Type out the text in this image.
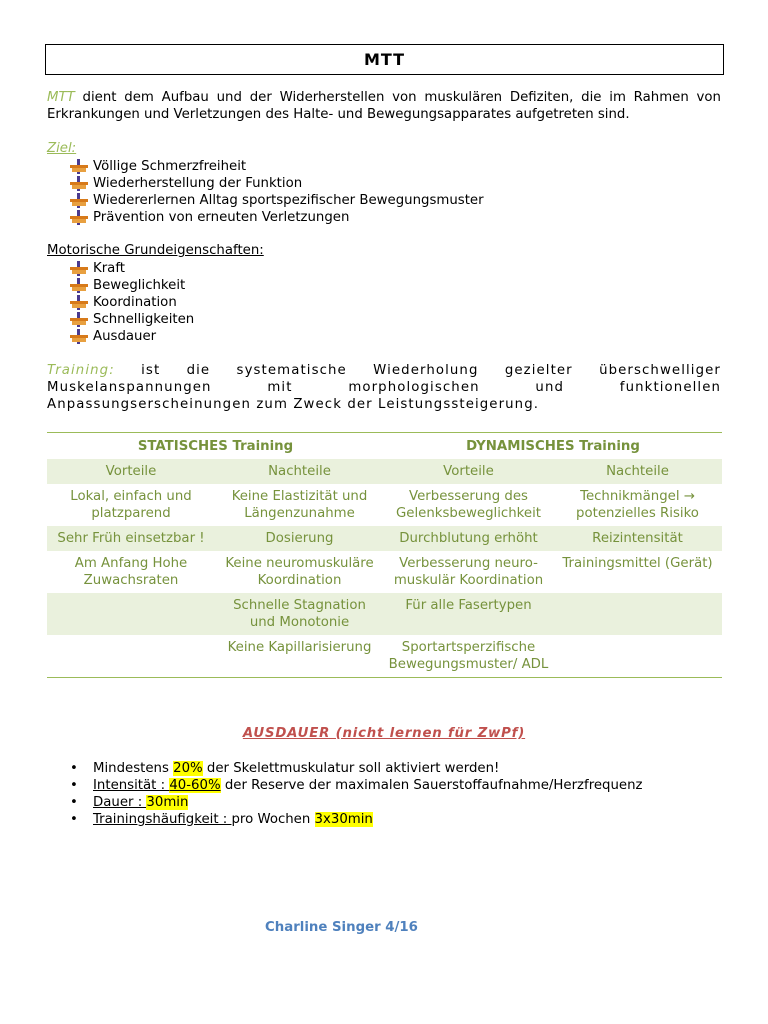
MTT
MTT dient dem Aufbau und der Widerherstellen von muskulären Defiziten, die im Rahmen von Erkrankungen und Verletzungen des Halte- und Bewegungsapparates aufgetreten sind.
Ziel:
Völlige Schmerzfreiheit
Wiederherstellung der Funktion
Wiedererlernen Alltag sportspezifischer Bewegungsmuster
Prävention von erneuten Verletzungen
Motorische Grundeigenschaften:
Kraft
Beweglichkeit
Koordination
Schnelligkeiten
Ausdauer
Training: ist die systematische Wiederholung gezielter überschwelliger Muskelanspannungen mit morphologischen und funktionellen Anpassungserscheinungen zum Zweck der Leistungssteigerung.
STATISCHES Training		DYNAMISCHES Training	
Vorteile	Nachteile	Vorteile	Nachteile
Lokal, einfach und platzparend	Keine Elastizität und Längenzunahme	Verbesserung des Gelenksbeweglichkeit	Technikmängel → potenzielles Risiko
Sehr Früh einsetzbar !	Dosierung	Durchblutung erhöht	Reizintensität
Am Anfang Hohe Zuwachsraten	Keine neuromuskuläre Koordination	Verbesserung neuro-muskulär Koordination	Trainingsmittel (Gerät)
	Schnelle Stagnation und Monotonie	Für alle Fasertypen	
	Keine Kapillarisierung	Sportartsperzifische Bewegungsmuster/ ADL	
AUSDAUER (nicht lernen für ZwPf)
• Mindestens 20% der Skelettmuskulatur soll aktiviert werden!
• Intensität : 40-60% der Reserve der maximalen Sauerstoffaufnahme/Herzfrequenz
• Dauer : 30min
• Trainingshäufigkeit : pro Wochen 3x30min
Charline Singer 4/16
